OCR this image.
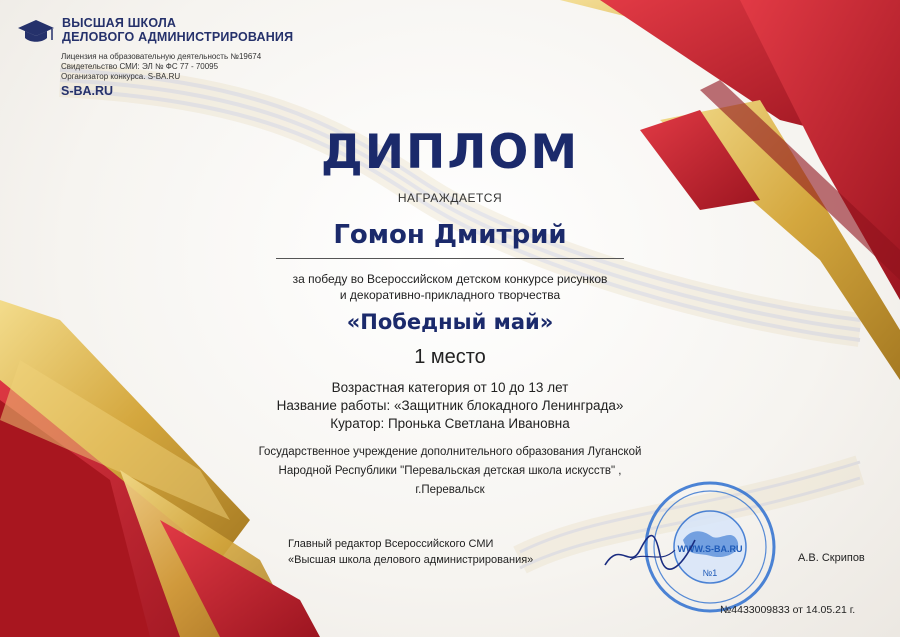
ВЫСШАЯ ШКОЛА
ДЕЛОВОГО АДМИНИСТРИРОВАНИЯ
Лицензия на образовательную деятельность №19674
Свидетельство СМИ: ЭЛ № ФС 77 - 70095
Организатор конкурса. S-BA.RU
S-BA.RU
ДИПЛОМ
НАГРАЖДАЕТСЯ
Гомон Дмитрий
за победу во Всероссийском детском конкурсе рисунков
и декоративно-прикладного творчества
«Победный май»
1 место
Возрастная категория от 10 до 13 лет
Название работы: «Защитник блокадного Ленинграда»
Куратор: Пронька Светлана Ивановна
Государственное учреждение дополнительного образования Луганской
Народной Республики "Перевальская детская школа искусств" ,
г.Перевальск
Главный редактор Всероссийского СМИ
«Высшая школа делового администрирования»
WWW.S-BA.RU
№1
А.В. Скрипов
№4433009833 от 14.05.21 г.
